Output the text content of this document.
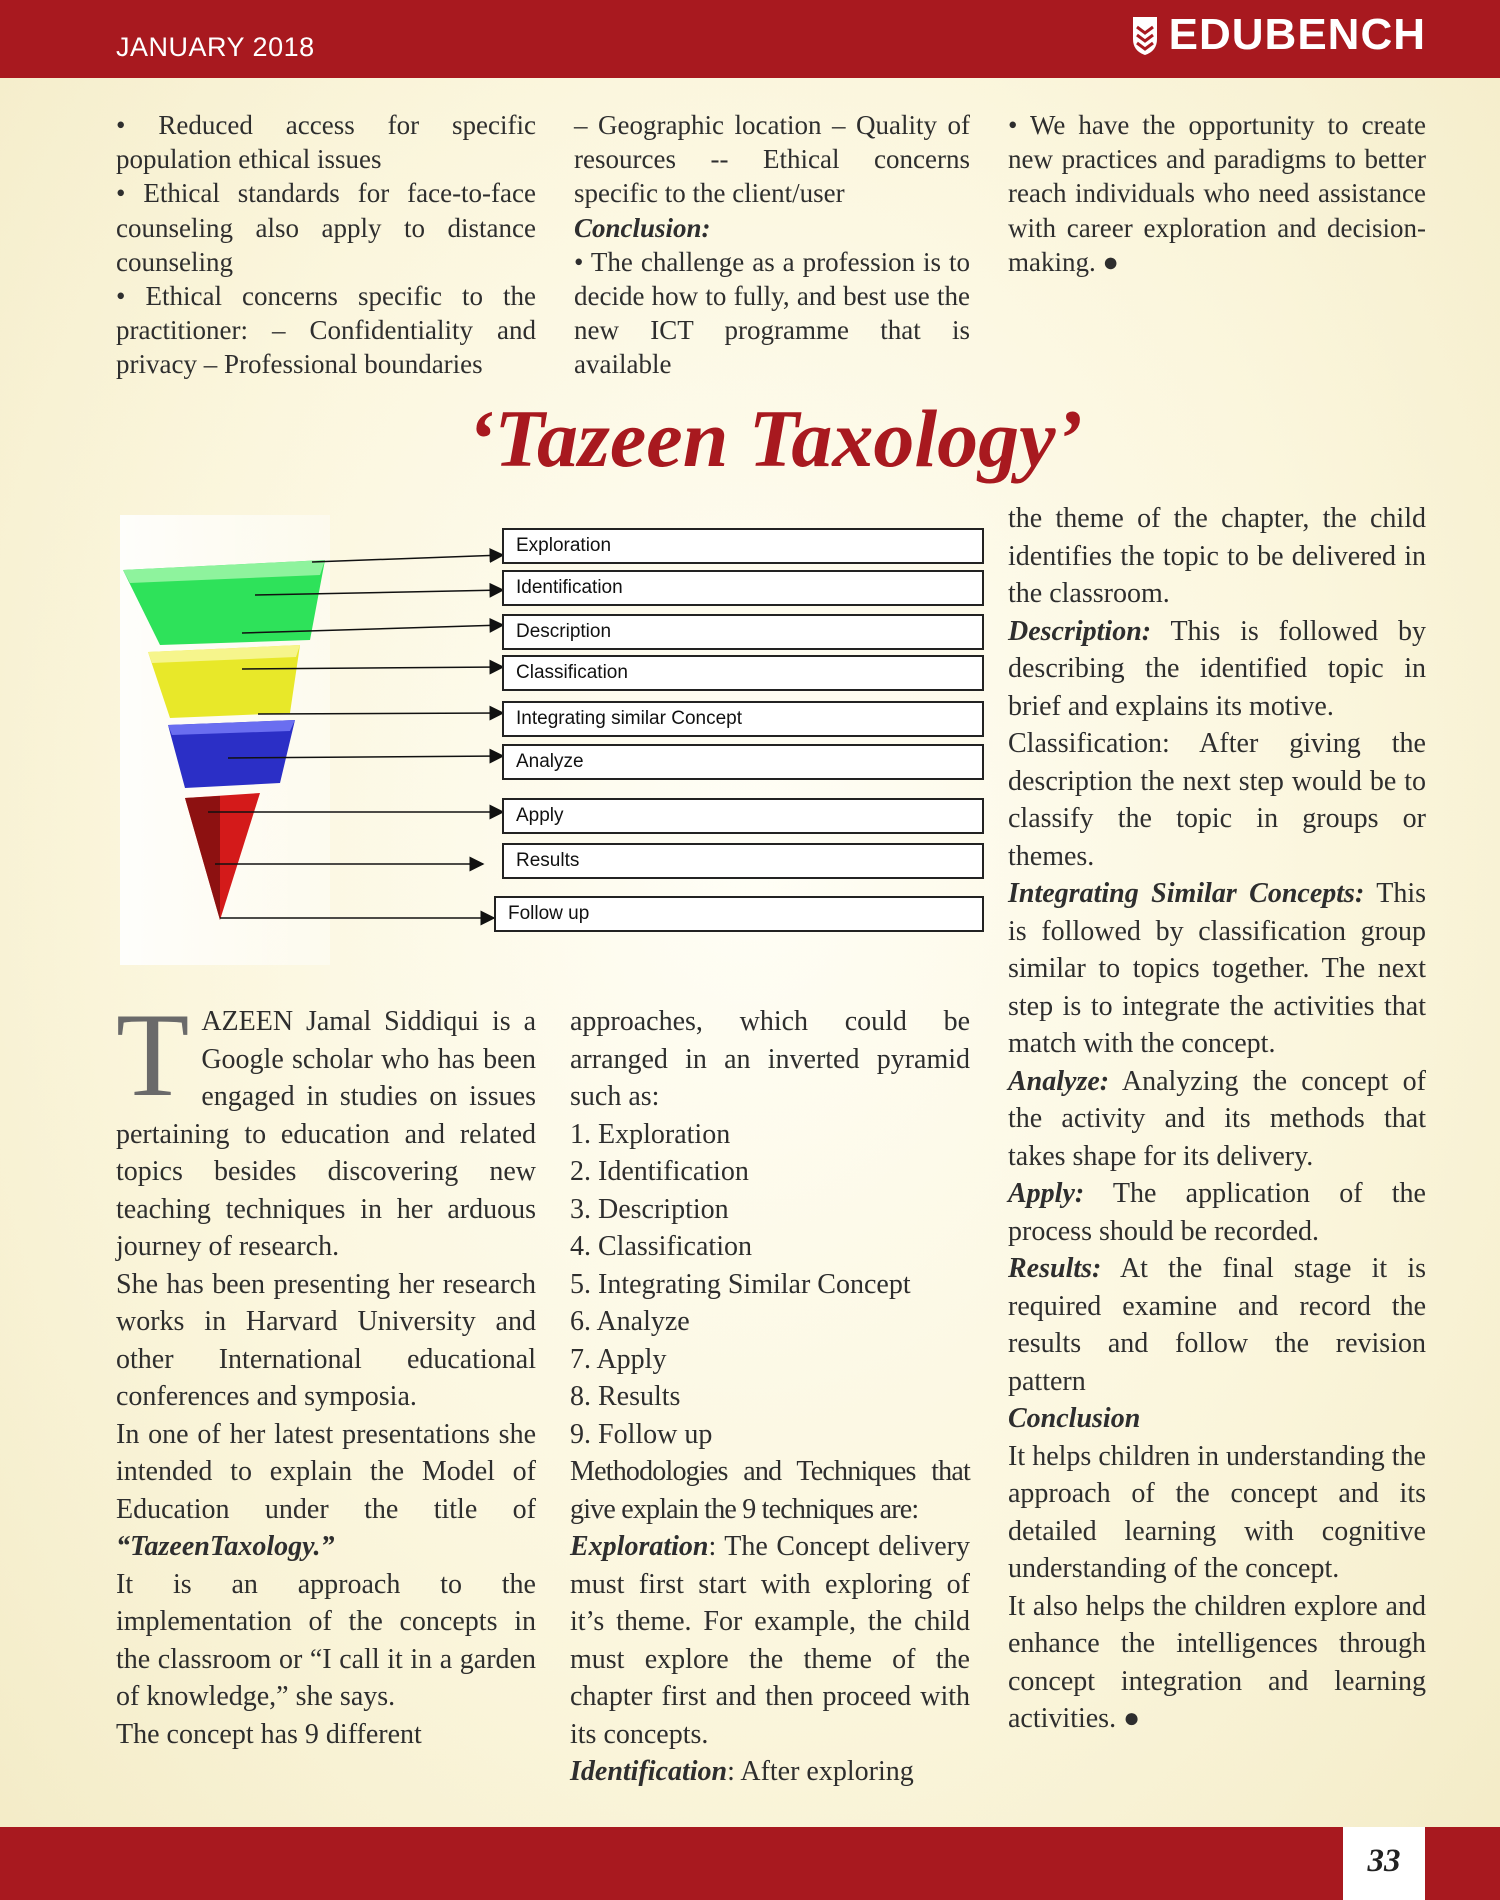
JANUARY 2018	EDUBENCH

• Reduced access for specific population ethical issues

• Ethical standards for face-to-face counseling also apply to distance counseling

• Ethical concerns specific to the practitioner: – Confidentiality and privacy – Professional boundaries

– Geographic location – Quality of resources -- Ethical concerns specific to the client/user

Conclusion:

• The challenge as a profession is to decide how to fully, and best use the new ICT programme that is available

• We have the opportunity to create new practices and paradigms to better reach individuals who need assistance with career exploration and decision-making. ●

‘Tazeen Taxology’
Exploration
Identification
Description
Classification
Integrating similar Concept
Analyze
Apply
Results
Follow up

TAZEEN Jamal Siddiqui is a Google scholar who has been engaged in studies on issues pertaining to education and related topics besides discovering new teaching techniques in her arduous journey of research.

She has been presenting her research works in Harvard University and other International educational conferences and symposia.

In one of her latest presentations she intended to explain the Model of Education under the title of “TazeenTaxology.”

It is an approach to the implementation of the concepts in the classroom or “I call it in a garden of knowledge,” she says.

The concept has 9 different

approaches, which could be arranged in an inverted pyramid such as:

1. Exploration

2. Identification

3. Description

4. Classification

5. Integrating Similar Concept

6. Analyze

7. Apply

8. Results

9. Follow up

Methodologies and Techniques that give explain the 9 techniques are:

Exploration: The Concept delivery must first start with exploring of it’s theme. For example, the child must explore the theme of the chapter first and then proceed with its concepts.

Identification: After exploring

the theme of the chapter, the child identifies the topic to be delivered in the classroom.

Description: This is followed by describing the identified topic in brief and explains its motive.

Classification: After giving the description the next step would be to classify the topic in groups or themes.

Integrating Similar Concepts: This is followed by classification group similar to topics together. The next step is to integrate the activities that match with the concept.

Analyze: Analyzing the concept of the activity and its methods that takes shape for its delivery.

Apply: The application of the process should be recorded.

Results: At the final stage it is required examine and record the results and follow the revision pattern

Conclusion

It helps children in understanding the approach of the concept and its detailed learning with cognitive understanding of the concept.

It also helps the children explore and enhance the intelligences through concept integration and learning activities. ●

33
